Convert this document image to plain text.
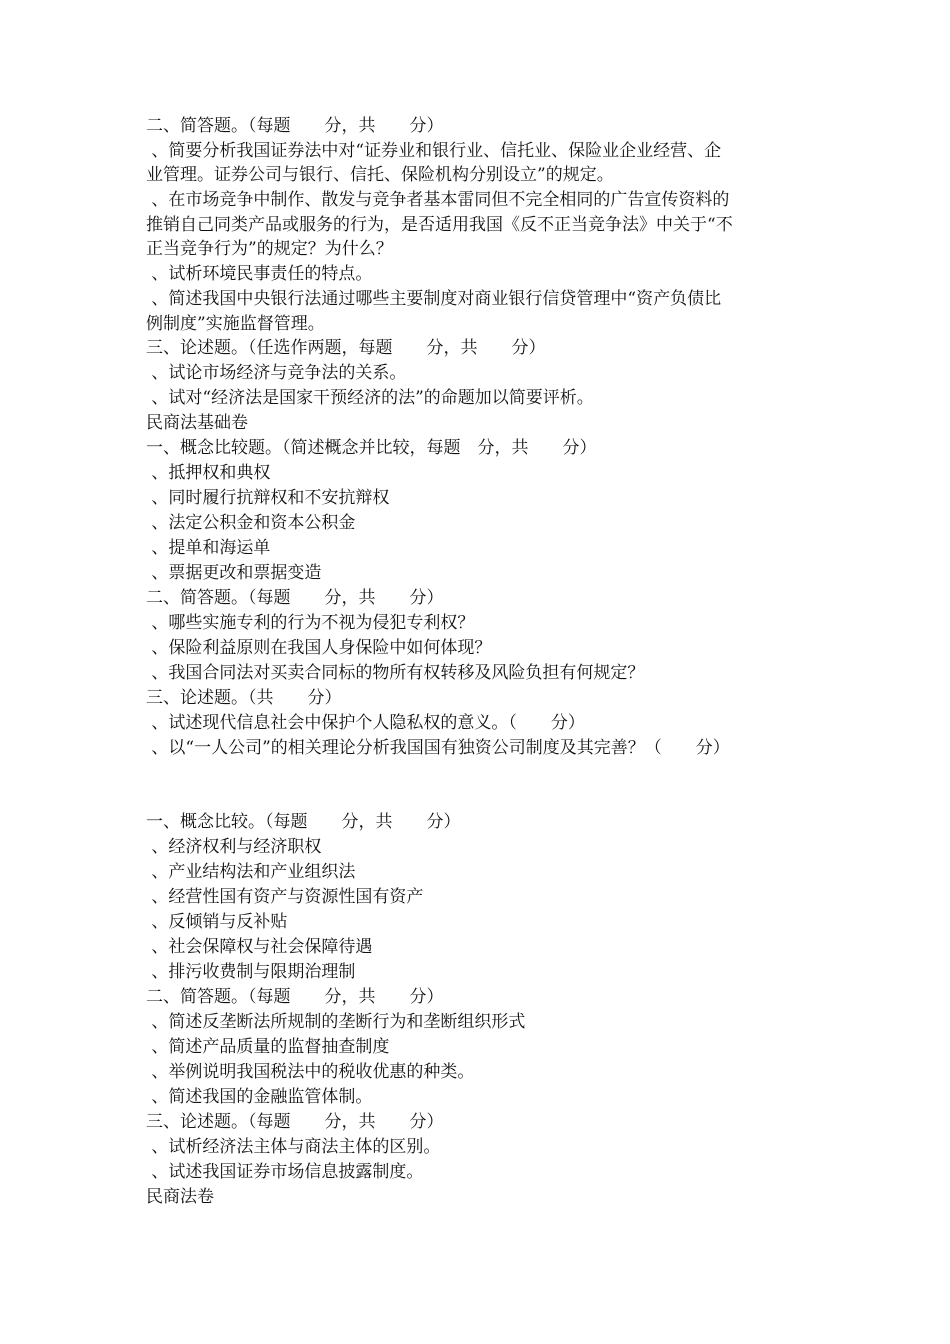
二、简答题。（每题　　分，共　　分）
、简要分析我国证券法中对“证券业和银行业、信托业、保险业企业经营、企
业管理。证券公司与银行、信托、保险机构分别设立”的规定。
、在市场竞争中制作、散发与竞争者基本雷同但不完全相同的广告宣传资料的
推销自己同类产品或服务的行为，是否适用我国《反不正当竞争法》中关于“不
正当竞争行为”的规定？为什么？
、试析环境民事责任的特点。
、简述我国中央银行法通过哪些主要制度对商业银行信贷管理中“资产负债比
例制度”实施监督管理。
三、论述题。（任选作两题，每题　　分，共　　分）
、试论市场经济与竞争法的关系。
、试对“经济法是国家干预经济的法”的命题加以简要评析。
民商法基础卷
一、概念比较题。（简述概念并比较，每题　分，共　　分）
、抵押权和典权
、同时履行抗辩权和不安抗辩权
、法定公积金和资本公积金
、提单和海运单
、票据更改和票据变造
二、简答题。（每题　　分，共　　分）
、哪些实施专利的行为不视为侵犯专利权？
、保险利益原则在我国人身保险中如何体现？
、我国合同法对买卖合同标的物所有权转移及风险负担有何规定？
三、论述题。（共　　分）
、试述现代信息社会中保护个人隐私权的意义。（　　分）
、以“一人公司”的相关理论分析我国国有独资公司制度及其完善？（　　分）
一、概念比较。（每题　　分，共　　分）
、经济权利与经济职权
、产业结构法和产业组织法
、经营性国有资产与资源性国有资产
、反倾销与反补贴
、社会保障权与社会保障待遇
、排污收费制与限期治理制
二、简答题。（每题　　分，共　　分）
、简述反垄断法所规制的垄断行为和垄断组织形式
、简述产品质量的监督抽查制度
、举例说明我国税法中的税收优惠的种类。
、简述我国的金融监管体制。
三、论述题。（每题　　分，共　　分）
、试析经济法主体与商法主体的区别。
、试述我国证券市场信息披露制度。
民商法卷
